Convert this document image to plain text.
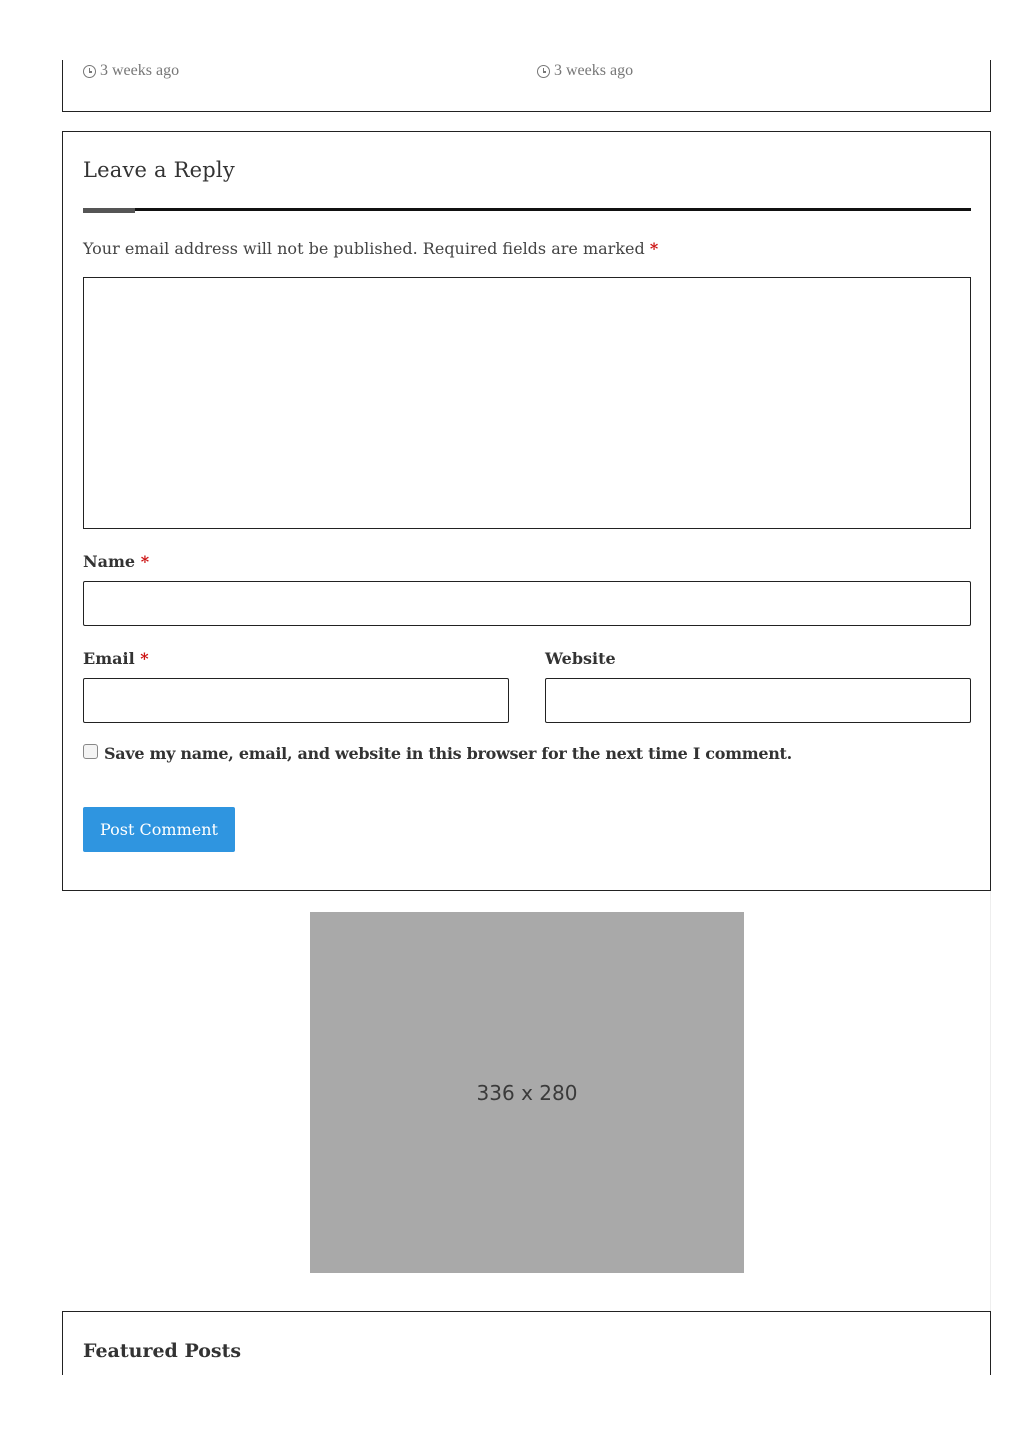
3 weeks ago	3 weeks ago
Leave a Reply

Your email address will not be published. Required fields are marked *

Name *
Email *	Website
Save my name, email, and website in this browser for the next time I comment.
Post Comment
336 x 280
Featured Posts
